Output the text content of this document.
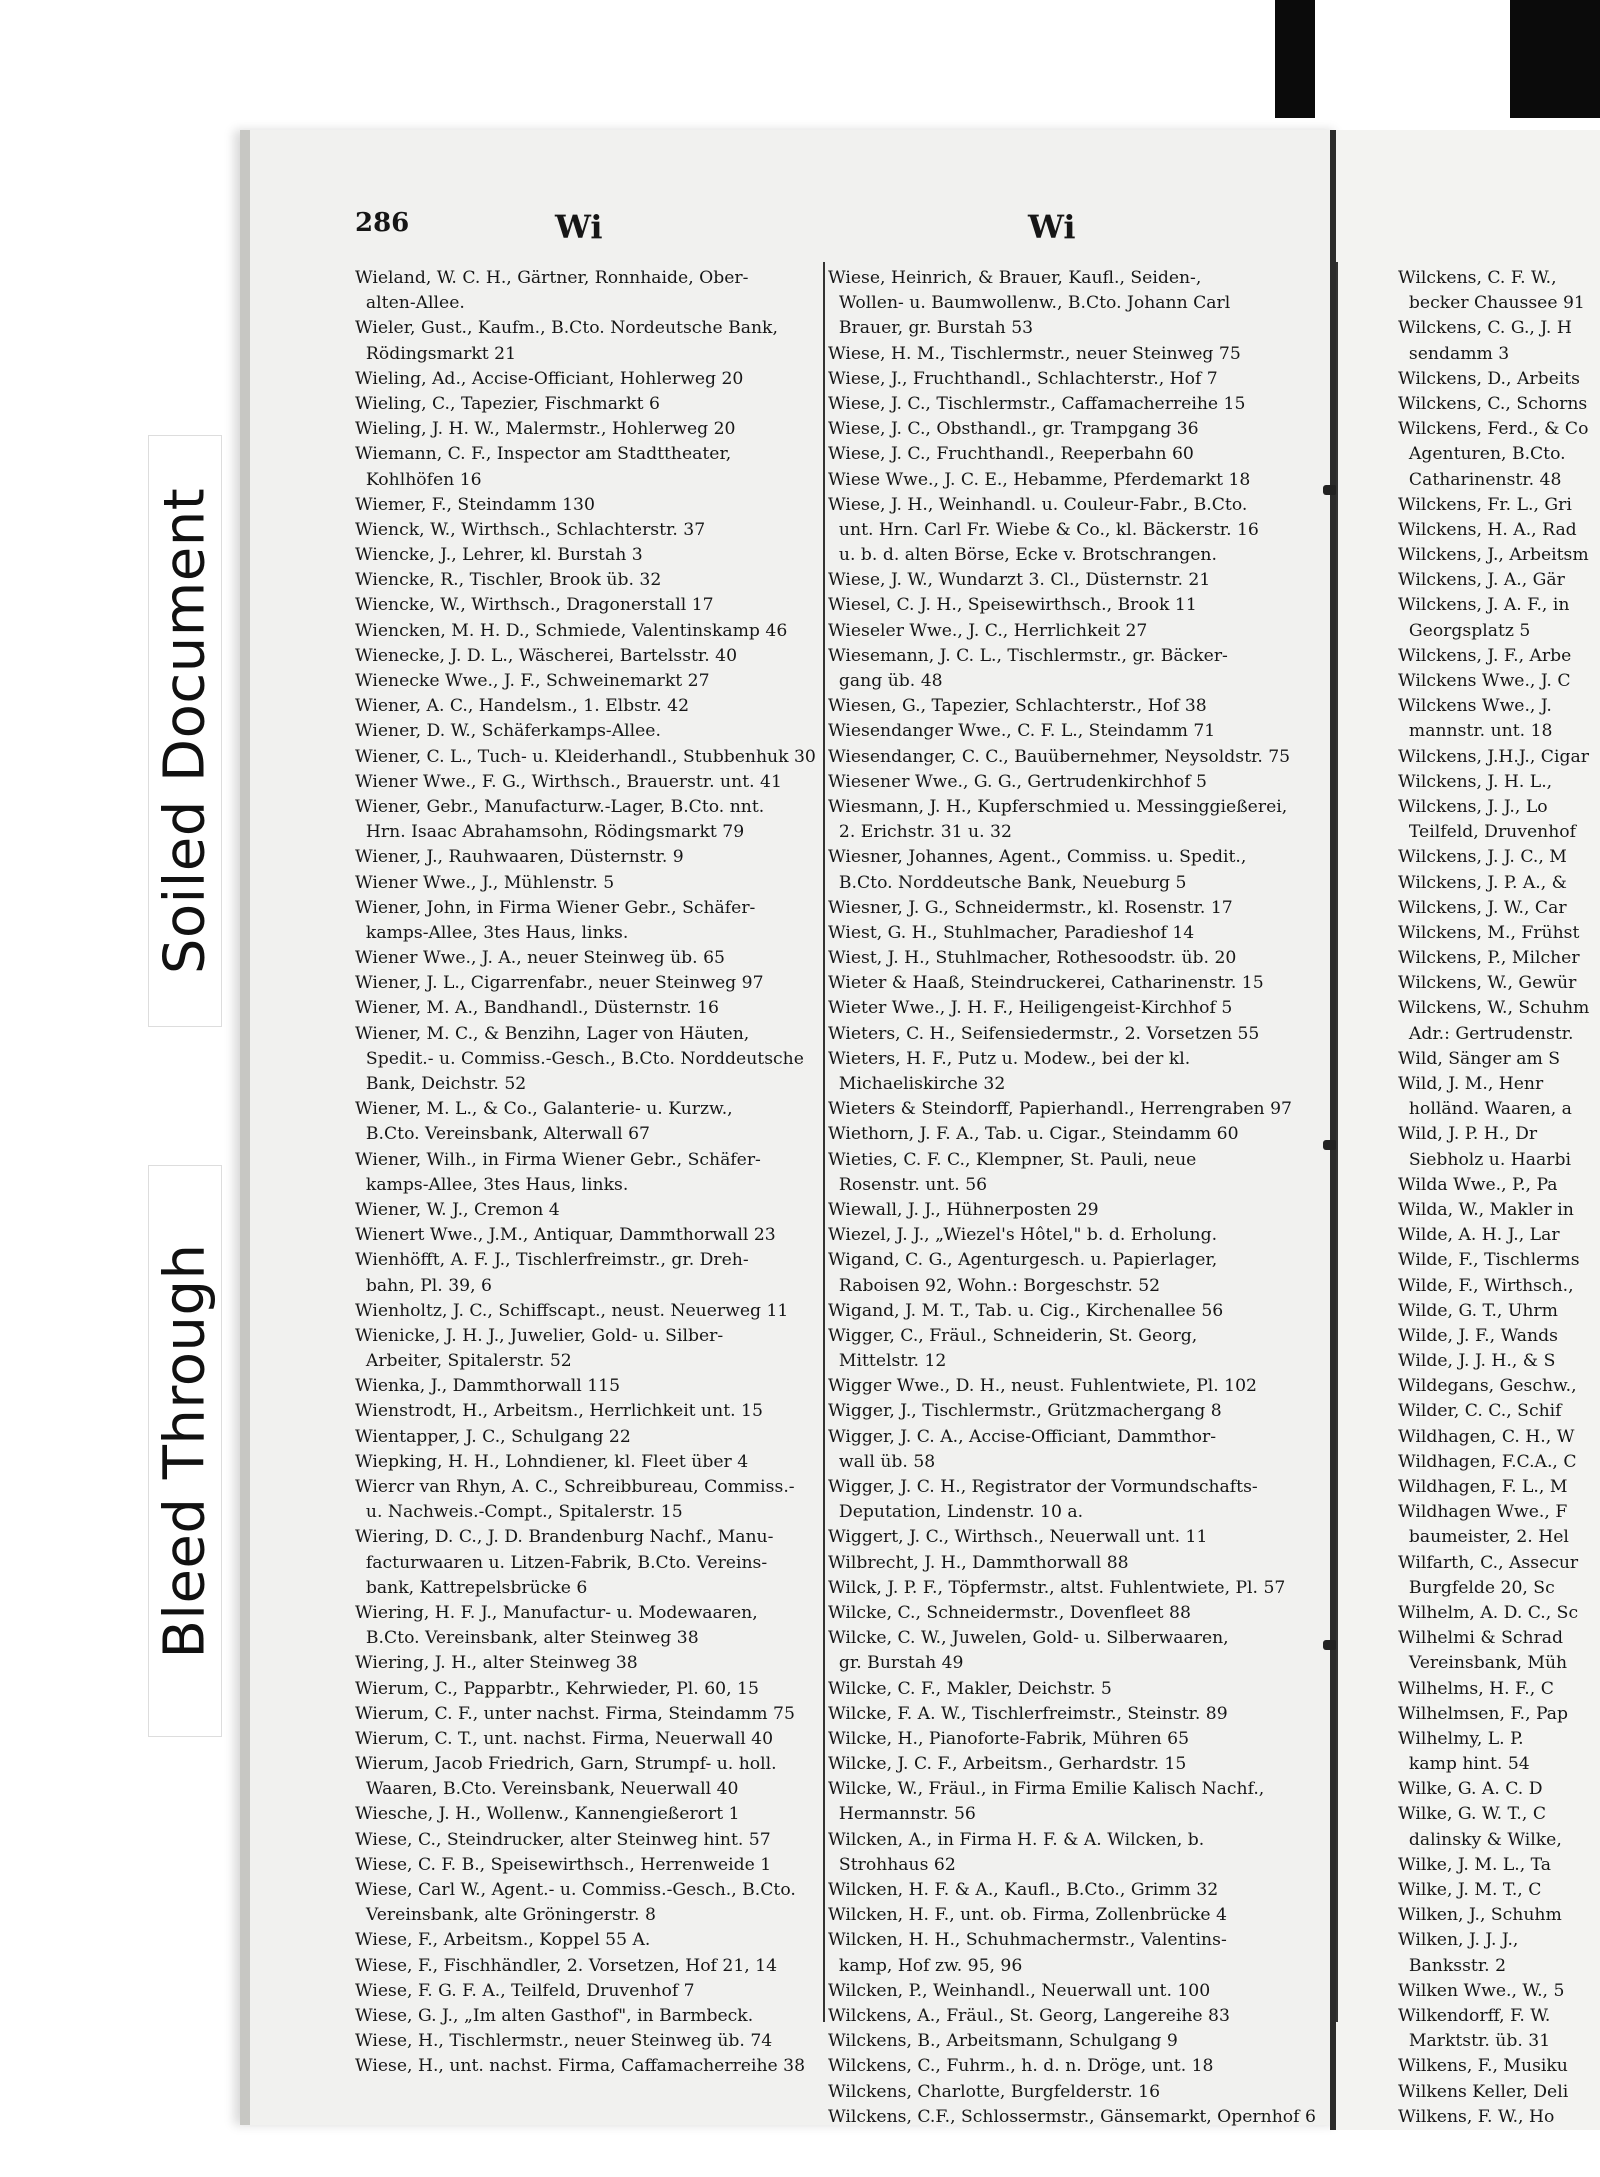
Soiled Document
Bleed Through
286	Wi	Wi
Wieland, W. C. H., Gärtner, Ronnhaide, Ober-
alten-Allee.
Wieler, Gust., Kaufm., B.Cto. Nordeutsche Bank,
Rödingsmarkt 21
Wieling, Ad., Accise-Officiant, Hohlerweg 20
Wieling, C., Tapezier, Fischmarkt 6
Wieling, J. H. W., Malermstr., Hohlerweg 20
Wiemann, C. F., Inspector am Stadttheater,
Kohlhöfen 16
Wiemer, F., Steindamm 130
Wienck, W., Wirthsch., Schlachterstr. 37
Wiencke, J., Lehrer, kl. Burstah 3
Wiencke, R., Tischler, Brook üb. 32
Wiencke, W., Wirthsch., Dragonerstall 17
Wiencken, M. H. D., Schmiede, Valentinskamp 46
Wienecke, J. D. L., Wäscherei, Bartelsstr. 40
Wienecke Wwe., J. F., Schweinemarkt 27
Wiener, A. C., Handelsm., 1. Elbstr. 42
Wiener, D. W., Schäferkamps-Allee.
Wiener, C. L., Tuch- u. Kleiderhandl., Stubbenhuk 30
Wiener Wwe., F. G., Wirthsch., Brauerstr. unt. 41
Wiener, Gebr., Manufacturw.-Lager, B.Cto. nnt.
Hrn. Isaac Abrahamsohn, Rödingsmarkt 79
Wiener, J., Rauhwaaren, Düsternstr. 9
Wiener Wwe., J., Mühlenstr. 5
Wiener, John, in Firma Wiener Gebr., Schäfer-
kamps-Allee, 3tes Haus, links.
Wiener Wwe., J. A., neuer Steinweg üb. 65
Wiener, J. L., Cigarrenfabr., neuer Steinweg 97
Wiener, M. A., Bandhandl., Düsternstr. 16
Wiener, M. C., & Benzihn, Lager von Häuten,
Spedit.- u. Commiss.-Gesch., B.Cto. Norddeutsche
Bank, Deichstr. 52
Wiener, M. L., & Co., Galanterie- u. Kurzw.,
B.Cto. Vereinsbank, Alterwall 67
Wiener, Wilh., in Firma Wiener Gebr., Schäfer-
kamps-Allee, 3tes Haus, links.
Wiener, W. J., Cremon 4
Wienert Wwe., J.M., Antiquar, Dammthorwall 23
Wienhöfft, A. F. J., Tischlerfreimstr., gr. Dreh-
bahn, Pl. 39, 6
Wienholtz, J. C., Schiffscapt., neust. Neuerweg 11
Wienicke, J. H. J., Juwelier, Gold- u. Silber-
Arbeiter, Spitalerstr. 52
Wienka, J., Dammthorwall 115
Wienstrodt, H., Arbeitsm., Herrlichkeit unt. 15
Wientapper, J. C., Schulgang 22
Wiepking, H. H., Lohndiener, kl. Fleet über 4
Wiercr van Rhyn, A. C., Schreibbureau, Commiss.-
u. Nachweis.-Compt., Spitalerstr. 15
Wiering, D. C., J. D. Brandenburg Nachf., Manu-
facturwaaren u. Litzen-Fabrik, B.Cto. Vereins-
bank, Kattrepelsbrücke 6
Wiering, H. F. J., Manufactur- u. Modewaaren,
B.Cto. Vereinsbank, alter Steinweg 38
Wiering, J. H., alter Steinweg 38
Wierum, C., Papparbtr., Kehrwieder, Pl. 60, 15
Wierum, C. F., unter nachst. Firma, Steindamm 75
Wierum, C. T., unt. nachst. Firma, Neuerwall 40
Wierum, Jacob Friedrich, Garn, Strumpf- u. holl.
Waaren, B.Cto. Vereinsbank, Neuerwall 40
Wiesche, J. H., Wollenw., Kannengießerort 1
Wiese, C., Steindrucker, alter Steinweg hint. 57
Wiese, C. F. B., Speisewirthsch., Herrenweide 1
Wiese, Carl W., Agent.- u. Commiss.-Gesch., B.Cto.
Vereinsbank, alte Gröningerstr. 8
Wiese, F., Arbeitsm., Koppel 55 A.
Wiese, F., Fischhändler, 2. Vorsetzen, Hof 21, 14
Wiese, F. G. F. A., Teilfeld, Druvenhof 7
Wiese, G. J., „Im alten Gasthof", in Barmbeck.
Wiese, H., Tischlermstr., neuer Steinweg üb. 74
Wiese, H., unt. nachst. Firma, Caffamacherreihe 38
Wiese, Heinrich, & Brauer, Kaufl., Seiden-,
Wollen- u. Baumwollenw., B.Cto. Johann Carl
Brauer, gr. Burstah 53
Wiese, H. M., Tischlermstr., neuer Steinweg 75
Wiese, J., Fruchthandl., Schlachterstr., Hof 7
Wiese, J. C., Tischlermstr., Caffamacherreihe 15
Wiese, J. C., Obsthandl., gr. Trampgang 36
Wiese, J. C., Fruchthandl., Reeperbahn 60
Wiese Wwe., J. C. E., Hebamme, Pferdemarkt 18
Wiese, J. H., Weinhandl. u. Couleur-Fabr., B.Cto.
unt. Hrn. Carl Fr. Wiebe & Co., kl. Bäckerstr. 16
u. b. d. alten Börse, Ecke v. Brotschrangen.
Wiese, J. W., Wundarzt 3. Cl., Düsternstr. 21
Wiesel, C. J. H., Speisewirthsch., Brook 11
Wieseler Wwe., J. C., Herrlichkeit 27
Wiesemann, J. C. L., Tischlermstr., gr. Bäcker-
gang üb. 48
Wiesen, G., Tapezier, Schlachterstr., Hof 38
Wiesendanger Wwe., C. F. L., Steindamm 71
Wiesendanger, C. C., Bauübernehmer, Neysoldstr. 75
Wiesener Wwe., G. G., Gertrudenkirchhof 5
Wiesmann, J. H., Kupferschmied u. Messinggießerei,
2. Erichstr. 31 u. 32
Wiesner, Johannes, Agent., Commiss. u. Spedit.,
B.Cto. Norddeutsche Bank, Neueburg 5
Wiesner, J. G., Schneidermstr., kl. Rosenstr. 17
Wiest, G. H., Stuhlmacher, Paradieshof 14
Wiest, J. H., Stuhlmacher, Rothesoodstr. üb. 20
Wieter & Haaß, Steindruckerei, Catharinenstr. 15
Wieter Wwe., J. H. F., Heiligengeist-Kirchhof 5
Wieters, C. H., Seifensiedermstr., 2. Vorsetzen 55
Wieters, H. F., Putz u. Modew., bei der kl.
Michaeliskirche 32
Wieters & Steindorff, Papierhandl., Herrengraben 97
Wiethorn, J. F. A., Tab. u. Cigar., Steindamm 60
Wieties, C. F. C., Klempner, St. Pauli, neue
Rosenstr. unt. 56
Wiewall, J. J., Hühnerposten 29
Wiezel, J. J., „Wiezel's Hôtel," b. d. Erholung.
Wigand, C. G., Agenturgesch. u. Papierlager,
Raboisen 92, Wohn.: Borgeschstr. 52
Wigand, J. M. T., Tab. u. Cig., Kirchenallee 56
Wigger, C., Fräul., Schneiderin, St. Georg,
Mittelstr. 12
Wigger Wwe., D. H., neust. Fuhlentwiete, Pl. 102
Wigger, J., Tischlermstr., Grützmachergang 8
Wigger, J. C. A., Accise-Officiant, Dammthor-
wall üb. 58
Wigger, J. C. H., Registrator der Vormundschafts-
Deputation, Lindenstr. 10 a.
Wiggert, J. C., Wirthsch., Neuerwall unt. 11
Wilbrecht, J. H., Dammthorwall 88
Wilck, J. P. F., Töpfermstr., altst. Fuhlentwiete, Pl. 57
Wilcke, C., Schneidermstr., Dovenfleet 88
Wilcke, C. W., Juwelen, Gold- u. Silberwaaren,
gr. Burstah 49
Wilcke, C. F., Makler, Deichstr. 5
Wilcke, F. A. W., Tischlerfreimstr., Steinstr. 89
Wilcke, H., Pianoforte-Fabrik, Mühren 65
Wilcke, J. C. F., Arbeitsm., Gerhardstr. 15
Wilcke, W., Fräul., in Firma Emilie Kalisch Nachf.,
Hermannstr. 56
Wilcken, A., in Firma H. F. & A. Wilcken, b.
Strohhaus 62
Wilcken, H. F. & A., Kaufl., B.Cto., Grimm 32
Wilcken, H. F., unt. ob. Firma, Zollenbrücke 4
Wilcken, H. H., Schuhmachermstr., Valentins-
kamp, Hof zw. 95, 96
Wilcken, P., Weinhandl., Neuerwall unt. 100
Wilckens, A., Fräul., St. Georg, Langereihe 83
Wilckens, B., Arbeitsmann, Schulgang 9
Wilckens, C., Fuhrm., h. d. n. Dröge, unt. 18
Wilckens, Charlotte, Burgfelderstr. 16
Wilckens, C.F., Schlossermstr., Gänsemarkt, Opernhof 6
Wilckens, C. F. W.,
becker Chaussee 91
Wilckens, C. G., J. H
sendamm 3
Wilckens, D., Arbeits
Wilckens, C., Schorns
Wilckens, Ferd., & Co
Agenturen, B.Cto.
Catharinenstr. 48
Wilckens, Fr. L., Gri
Wilckens, H. A., Rad
Wilckens, J., Arbeitsm
Wilckens, J. A., Gär
Wilckens, J. A. F., in
Georgsplatz 5
Wilckens, J. F., Arbe
Wilckens Wwe., J. C
Wilckens Wwe., J.
mannstr. unt. 18
Wilckens, J.H.J., Cigar
Wilckens, J. H. L.,
Wilckens, J. J., Lo
Teilfeld, Druvenhof
Wilckens, J. J. C., M
Wilckens, J. P. A., &
Wilckens, J. W., Car
Wilckens, M., Frühst
Wilckens, P., Milcher
Wilckens, W., Gewür
Wilckens, W., Schuhm
Adr.: Gertrudenstr.
Wild, Sänger am S
Wild, J. M., Henr
holländ. Waaren, a
Wild, J. P. H., Dr
Siebholz u. Haarbi
Wilda Wwe., P., Pa
Wilda, W., Makler in
Wilde, A. H. J., Lar
Wilde, F., Tischlerms
Wilde, F., Wirthsch.,
Wilde, G. T., Uhrm
Wilde, J. F., Wands
Wilde, J. J. H., & S
Wildegans, Geschw.,
Wilder, C. C., Schif
Wildhagen, C. H., W
Wildhagen, F.C.A., C
Wildhagen, F. L., M
Wildhagen Wwe., F
baumeister, 2. Hel
Wilfarth, C., Assecur
Burgfelde 20, Sc
Wilhelm, A. D. C., Sc
Wilhelmi & Schrad
Vereinsbank, Müh
Wilhelms, H. F., C
Wilhelmsen, F., Pap
Wilhelmy, L. P.
kamp hint. 54
Wilke, G. A. C. D
Wilke, G. W. T., C
dalinsky & Wilke,
Wilke, J. M. L., Ta
Wilke, J. M. T., C
Wilken, J., Schuhm
Wilken, J. J. J.,
Banksstr. 2
Wilken Wwe., W., 5
Wilkendorff, F. W.
Marktstr. üb. 31
Wilkens, F., Musiku
Wilkens Keller, Deli
Wilkens, F. W., Ho
